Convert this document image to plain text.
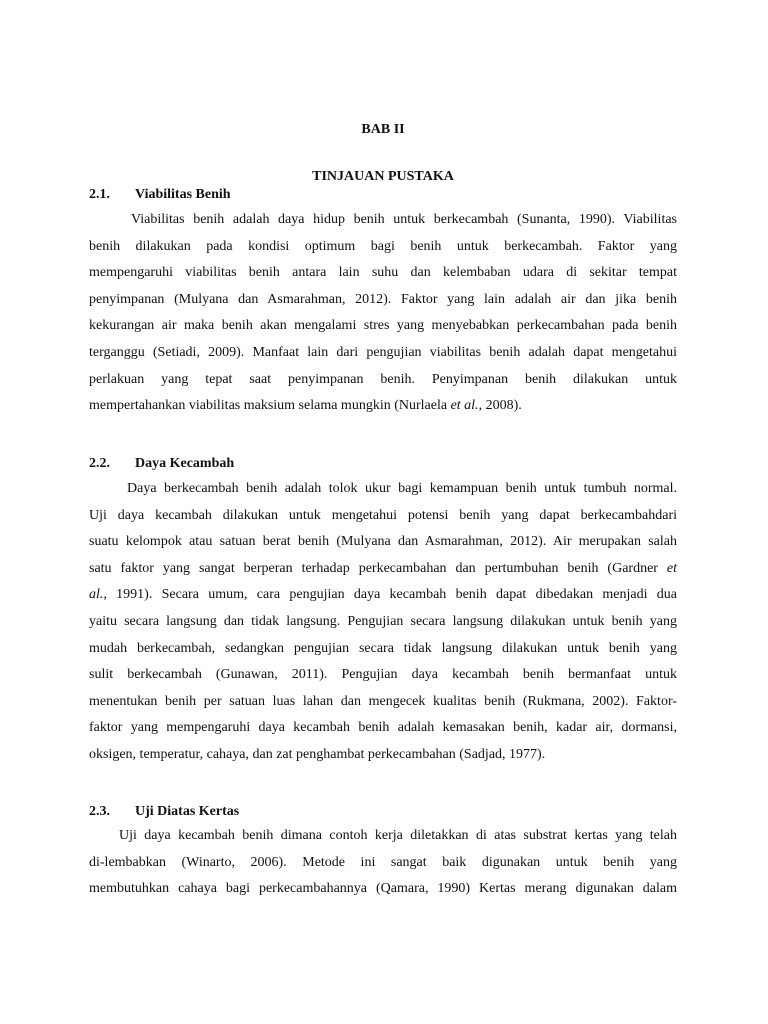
BAB II
TINJAUAN PUSTAKA
2.1. Viabilitas Benih
Viabilitas benih adalah daya hidup benih untuk berkecambah (Sunanta, 1990). Viabilitas
benih dilakukan pada kondisi optimum bagi benih untuk berkecambah. Faktor yang
mempengaruhi viabilitas benih antara lain suhu dan kelembaban udara di sekitar tempat
penyimpanan (Mulyana dan Asmarahman, 2012). Faktor yang lain adalah air dan jika benih
kekurangan air maka benih akan mengalami stres yang menyebabkan perkecambahan pada benih
terganggu (Setiadi, 2009). Manfaat lain dari pengujian viabilitas benih adalah dapat mengetahui
perlakuan yang tepat saat penyimpanan benih. Penyimpanan benih dilakukan untuk
mempertahankan viabilitas maksium selama mungkin (Nurlaela et al., 2008).
2.2. Daya Kecambah
Daya berkecambah benih adalah tolok ukur bagi kemampuan benih untuk tumbuh normal.
Uji daya kecambah dilakukan untuk mengetahui potensi benih yang dapat berkecambahdari
suatu kelompok atau satuan berat benih (Mulyana dan Asmarahman, 2012). Air merupakan salah
satu faktor yang sangat berperan terhadap perkecambahan dan pertumbuhan benih (Gardner et
al., 1991). Secara umum, cara pengujian daya kecambah benih dapat dibedakan menjadi dua
yaitu secara langsung dan tidak langsung. Pengujian secara langsung dilakukan untuk benih yang
mudah berkecambah, sedangkan pengujian secara tidak langsung dilakukan untuk benih yang
sulit berkecambah (Gunawan, 2011). Pengujian daya kecambah benih bermanfaat untuk
menentukan benih per satuan luas lahan dan mengecek kualitas benih (Rukmana, 2002). Faktor-
faktor yang mempengaruhi daya kecambah benih adalah kemasakan benih, kadar air, dormansi,
oksigen, temperatur, cahaya, dan zat penghambat perkecambahan (Sadjad, 1977).
2.3. Uji Diatas Kertas
Uji daya kecambah benih dimana contoh kerja diletakkan di atas substrat kertas yang telah
di-lembabkan (Winarto, 2006). Metode ini sangat baik digunakan untuk benih yang
membutuhkan cahaya bagi perkecambahannya (Qamara, 1990) Kertas merang digunakan dalam
